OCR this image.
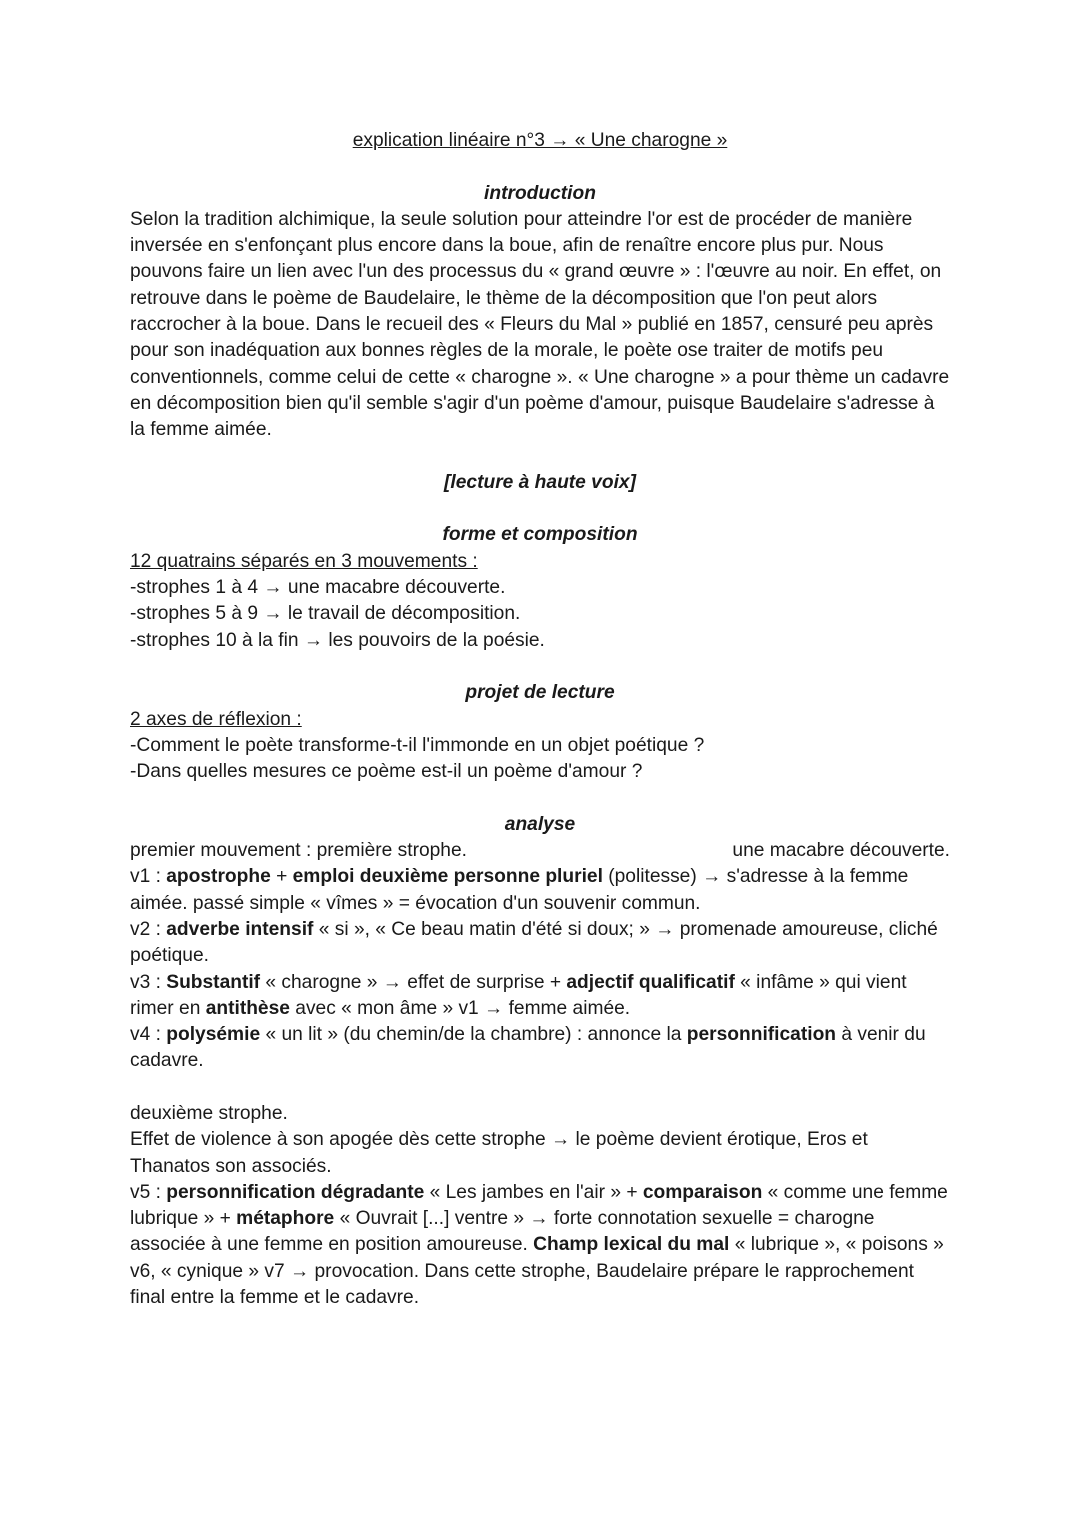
explication linéaire n°3 → « Une charogne »

introduction

Selon la tradition alchimique, la seule solution pour atteindre l'or est de procéder de manière inversée en s'enfonçant plus encore dans la boue, afin de renaître encore plus pur. Nous pouvons faire un lien avec l'un des processus du « grand œuvre » : l'œuvre au noir. En effet, on retrouve dans le poème de Baudelaire, le thème de la décomposition que l'on peut alors raccrocher à la boue. Dans le recueil des « Fleurs du Mal » publié en 1857, censuré peu après pour son inadéquation aux bonnes règles de la morale, le poète ose traiter de motifs peu conventionnels, comme celui de cette « charogne ». « Une charogne » a pour thème un cadavre en décomposition bien qu'il semble s'agir d'un poème d'amour, puisque Baudelaire s'adresse à la femme aimée.

[lecture à haute voix]

forme et composition

12 quatrains séparés en 3 mouvements :

-strophes 1 à 4 → une macabre découverte.

-strophes 5 à 9 → le travail de décomposition.

-strophes 10 à la fin → les pouvoirs de la poésie.

projet de lecture

2 axes de réflexion :

-Comment le poète transforme-t-il l'immonde en un objet poétique ?

-Dans quelles mesures ce poème est-il un poème d'amour ?

analyse

premier mouvement : première strophe.	une macabre découverte.

v1 : apostrophe + emploi deuxième personne pluriel (politesse) → s'adresse à la femme aimée. passé simple « vîmes » = évocation d'un souvenir commun.

v2 : adverbe intensif « si », « Ce beau matin d'été si doux; » → promenade amoureuse, cliché poétique.

v3 : Substantif « charogne » → effet de surprise + adjectif qualificatif « infâme » qui vient rimer en antithèse avec « mon âme » v1 → femme aimée.

v4 : polysémie « un lit » (du chemin/de la chambre) : annonce la personnification à venir du cadavre.

deuxième strophe.

Effet de violence à son apogée dès cette strophe → le poème devient érotique, Eros et Thanatos son associés.

v5 : personnification dégradante « Les jambes en l'air » + comparaison « comme une femme lubrique » + métaphore « Ouvrait [...] ventre » → forte connotation sexuelle = charogne associée à une femme en position amoureuse. Champ lexical du mal « lubrique », « poisons » v6, « cynique » v7 → provocation. Dans cette strophe, Baudelaire prépare le rapprochement final entre la femme et le cadavre.
